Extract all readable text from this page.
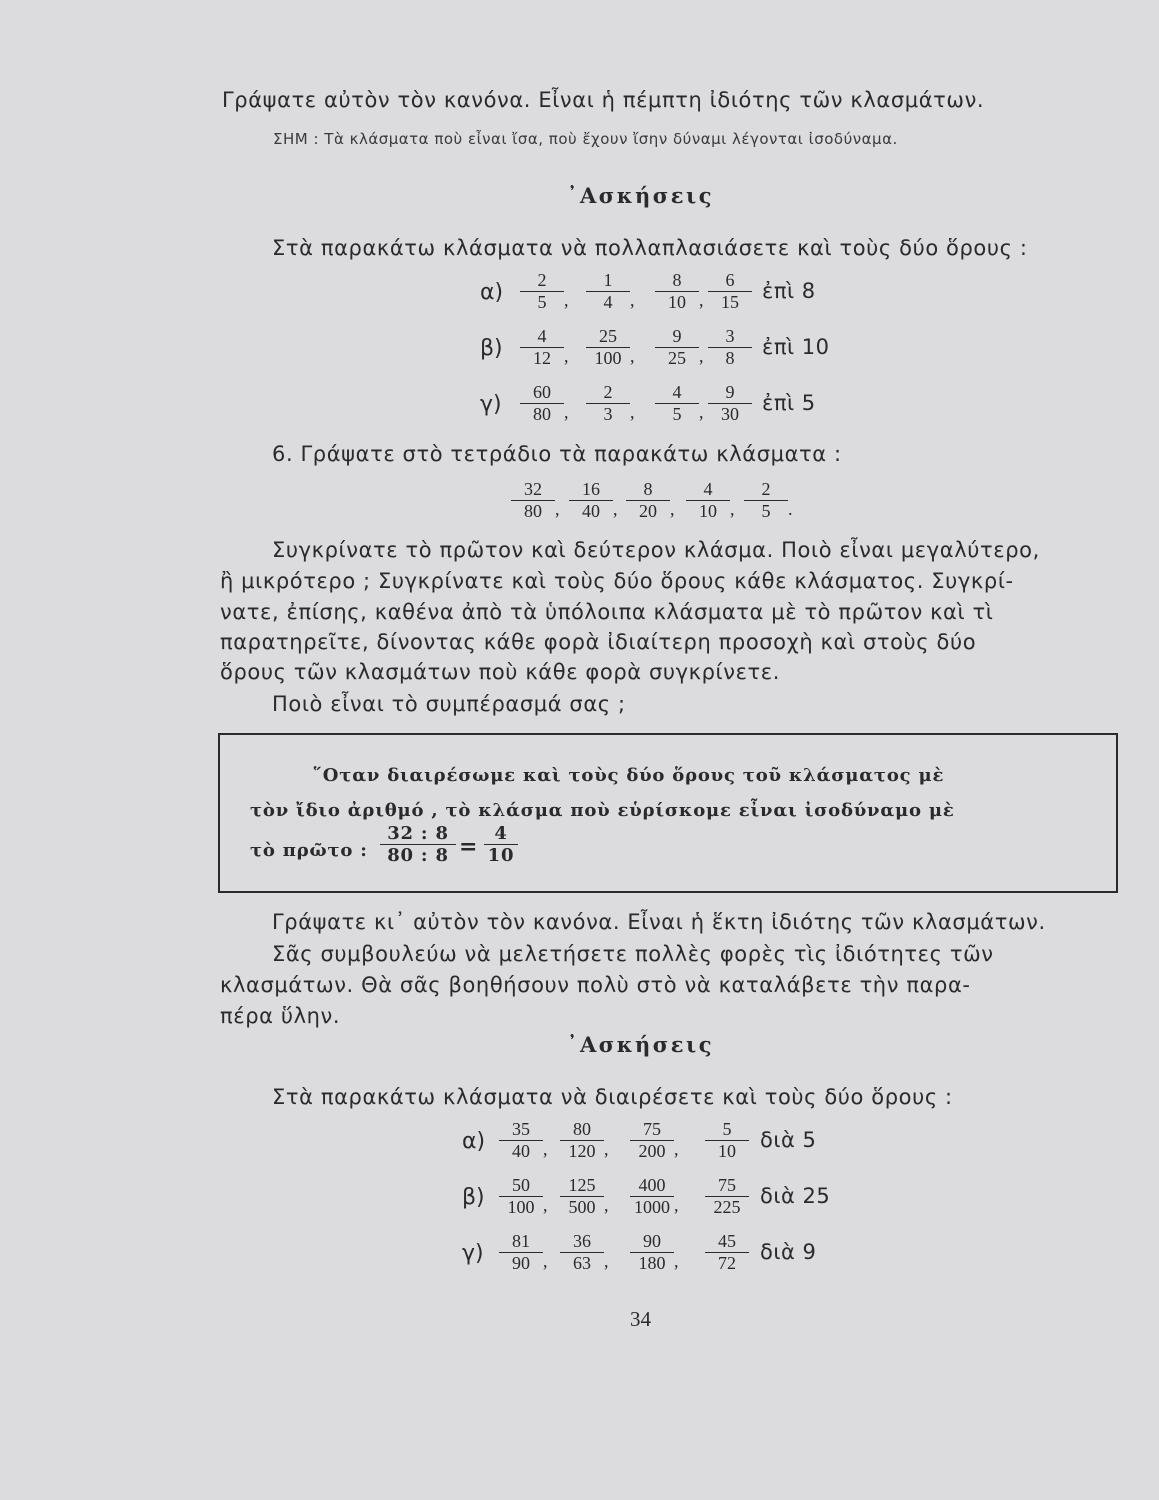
Γράψατε αὐτὸν τὸν κανόνα. Εἶναι ἡ πέμπτη ἰδιότης τῶν κλασμάτων.
ΣΗΜ : Τὰ κλάσματα ποὺ εἶναι ἴσα, ποὺ ἔχουν ἴσην δύναμι λέγονται ἰσοδύναμα.
᾿Ασκήσεις
Στὰ παρακάτω κλάσματα νὰ πολλαπλασιάσετε καὶ τοὺς δύο ὅρους :
$\alpha) \frac{2}{5}$ , $\frac{1}{4}$ , $\frac{8}{10}$ , $\frac{6}{15}$ ἐπὶ 8
$\beta) \frac{4}{12}$ , $\frac{25}{100}$ , $\frac{9}{25}$ , $\frac{3}{8}$ ἐπὶ 10
$\gamma) \frac{60}{80}$ , $\frac{2}{3}$ , $\frac{4}{5}$ , $\frac{9}{30}$ ἐπὶ 5
6. Γράψατε στὸ τετράδιο τὰ παρακάτω κλάσματα :
$\frac{32}{80}$ , $\frac{16}{40}$ , $\frac{8}{20}$ , $\frac{4}{10}$ , $\frac{2}{5}$ .
Συγκρίνατε τὸ πρῶτον καὶ δεύτερον κλάσμα. Ποιὸ εἶναι μεγαλύτερο,
ἢ μικρότερο ; Συγκρίνατε καὶ τοὺς δύο ὅρους κάθε κλάσματος. Συγκρί-
νατε, ἐπίσης, καθένα ἀπὸ τὰ ὑπόλοιπα κλάσματα μὲ τὸ πρῶτον καὶ τὶ
παρατηρεῖτε, δίνοντας κάθε φορὰ ἰδιαίτερη προσοχὴ καὶ στοὺς δύο
ὅρους τῶν κλασμάτων ποὺ κάθε φορὰ συγκρίνετε.
Ποιὸ εἶναι τὸ συμπέρασμά σας ;
῞Οταν διαιρέσωμε καὶ τοὺς δύο ὅρους τοῦ κλάσματος μὲ
τὸν ἴδιο ἀριθμό , τὸ κλάσμα ποὺ εὑρίσκομε εἶναι ἰσοδύναμο μὲ
τὸ πρῶτο : $\frac{32 : 8}{80 : 8} = \frac{4}{10}$
Γράψατε κι᾿ αὐτὸν τὸν κανόνα. Εἶναι ἡ ἕκτη ἰδιότης τῶν κλασμάτων.
Σᾶς συμβουλεύω νὰ μελετήσετε πολλὲς φορὲς τὶς ἰδιότητες τῶν
κλασμάτων. Θὰ σᾶς βοηθήσουν πολὺ στὸ νὰ καταλάβετε τὴν παρα-
πέρα ὕλην.
᾿Ασκήσεις
Στὰ παρακάτω κλάσματα νὰ διαιρέσετε καὶ τοὺς δύο ὅρους :
$\alpha) \frac{35}{40}$ , $\frac{80}{120}$ , $\frac{75}{200}$ , $\frac{5}{10}$ διὰ 5
$\beta) \frac{50}{100}$ , $\frac{125}{500}$ , $\frac{400}{1000}$ , $\frac{75}{225}$ διὰ 25
$\gamma) \frac{81}{90}$ , $\frac{36}{63}$ , $\frac{90}{180}$ , $\frac{45}{72}$ διὰ 9
34
